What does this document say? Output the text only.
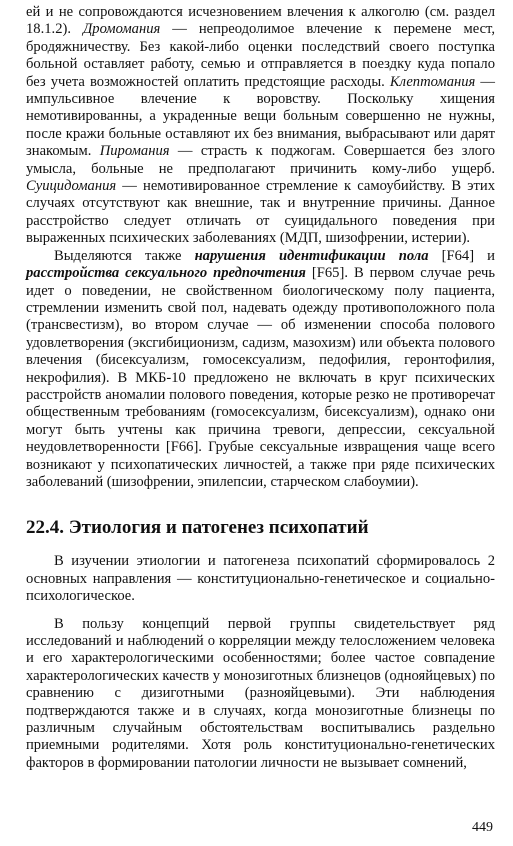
ей и не сопровождаются исчезновением влечения к алкоголю (см. раздел 18.1.2). Дромомания — непреодолимое влечение к перемене мест, бродяжничеству. Без какой-либо оценки последствий своего поступка больной оставляет работу, семью и отправляется в поездку куда попало без учета возможностей оплатить предстоящие расходы. Клептомания — импульсивное влечение к воровству. Поскольку хищения немотивированны, а украденные вещи больным совершенно не нужны, после кражи больные оставляют их без внимания, выбрасывают или дарят знакомым. Пиромания — страсть к поджогам. Совершается без злого умысла, больные не предполагают причинить кому-либо ущерб. Суицидомания — немотивированное стремление к самоубийству. В этих случаях отсутствуют как внешние, так и внутренние причины. Данное расстройство следует отличать от суицидального поведения при выраженных психических заболеваниях (МДП, шизофрении, истерии).

Выделяются также нарушения идентификации пола [F64] и расстройства сексуального предпочтения [F65]. В первом случае речь идет о поведении, не свойственном биологическому полу пациента, стремлении изменить свой пол, надевать одежду противоположного пола (трансвестизм), во втором случае — об изменении способа полового удовлетворения (эксгибиционизм, садизм, мазохизм) или объекта полового влечения (бисексуализм, гомосексуализм, педофилия, геронтофилия, некрофилия). В МКБ-10 предложено не включать в круг психических расстройств аномалии полового поведения, которые резко не противоречат общественным требованиям (гомосексуализм, бисексуализм), однако они могут быть учтены как причина тревоги, депрессии, сексуальной неудовлетворенности [F66]. Грубые сексуальные извращения чаще всего возникают у психопатических личностей, а также при ряде психических заболеваний (шизофрении, эпилепсии, старческом слабоумии).

22.4. Этиология и патогенез психопатий

В изучении этиологии и патогенеза психопатий сформировалось 2 основных направления — конституционально-генетическое и социально-психологическое.

В пользу концепций первой группы свидетельствует ряд исследований и наблюдений о корреляции между телосложением человека и его характерологическими особенностями; более частое совпадение характерологических качеств у монозиготных близнецов (однояйцевых) по сравнению с дизиготными (разнояйцевыми). Эти наблюдения подтверждаются также и в случаях, когда монозиготные близнецы по различным случайным обстоятельствам воспитывались раздельно приемными родителями. Хотя роль конституционально-генетических факторов в формировании патологии личности не вызывает сомнений,

449
